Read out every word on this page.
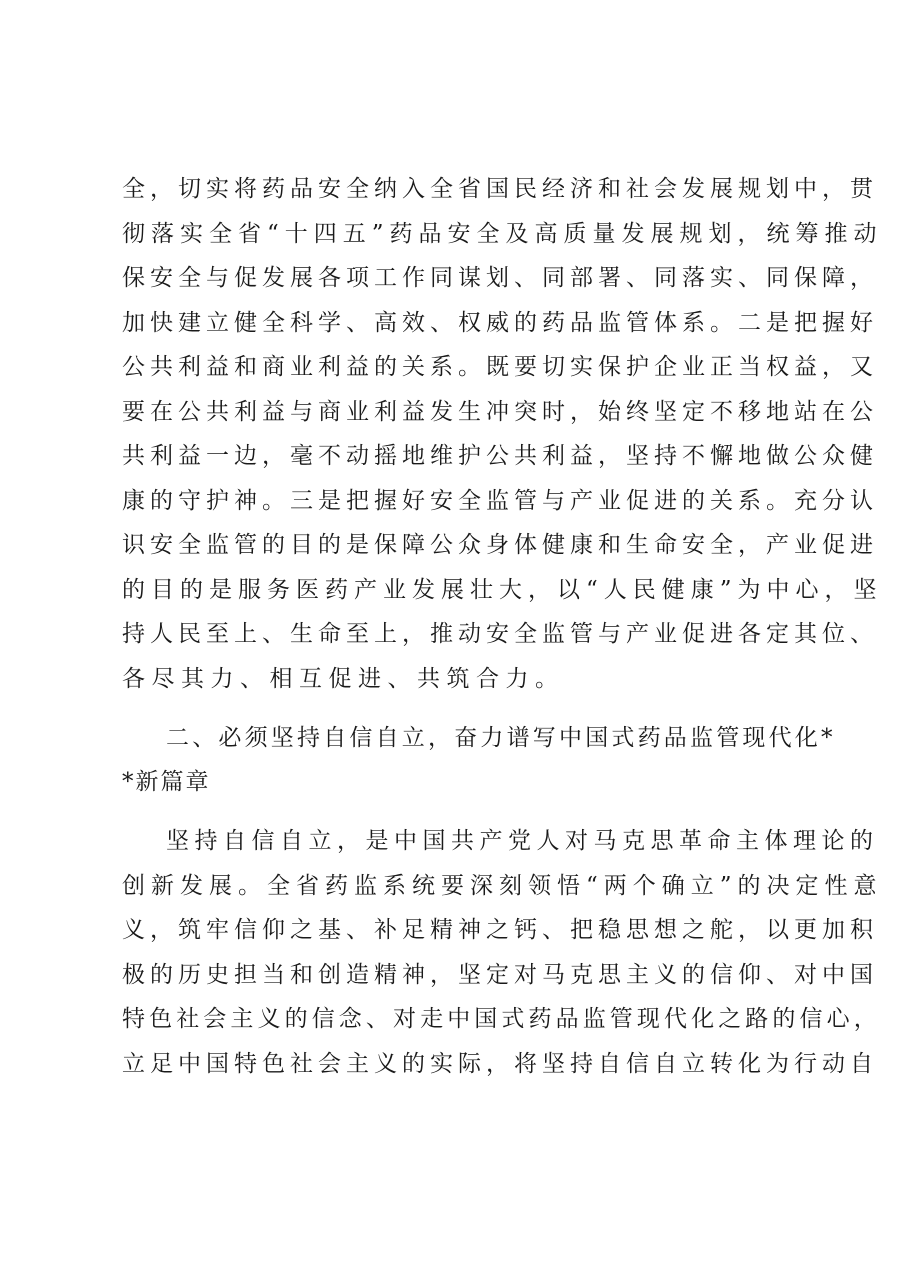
全，切实将药品安全纳入全省国民经济和社会发展规划中，贯
彻落实全省“十四五”药品安全及高质量发展规划，统筹推动
保安全与促发展各项工作同谋划、同部署、同落实、同保障，
加快建立健全科学、高效、权威的药品监管体系。二是把握好
公共利益和商业利益的关系。既要切实保护企业正当权益，又
要在公共利益与商业利益发生冲突时，始终坚定不移地站在公
共利益一边，毫不动摇地维护公共利益，坚持不懈地做公众健
康的守护神。三是把握好安全监管与产业促进的关系。充分认
识安全监管的目的是保障公众身体健康和生命安全，产业促进
的目的是服务医药产业发展壮大，以“人民健康”为中心，坚
持人民至上、生命至上，推动安全监管与产业促进各定其位、
各尽其力、相互促进、共筑合力。
二、必须坚持自信自立，奋力谱写中国式药品监管现代化*
*新篇章
坚持自信自立，是中国共产党人对马克思革命主体理论的
创新发展。全省药监系统要深刻领悟“两个确立”的决定性意
义，筑牢信仰之基、补足精神之钙、把稳思想之舵，以更加积
极的历史担当和创造精神，坚定对马克思主义的信仰、对中国
特色社会主义的信念、对走中国式药品监管现代化之路的信心，
立足中国特色社会主义的实际，将坚持自信自立转化为行动自
